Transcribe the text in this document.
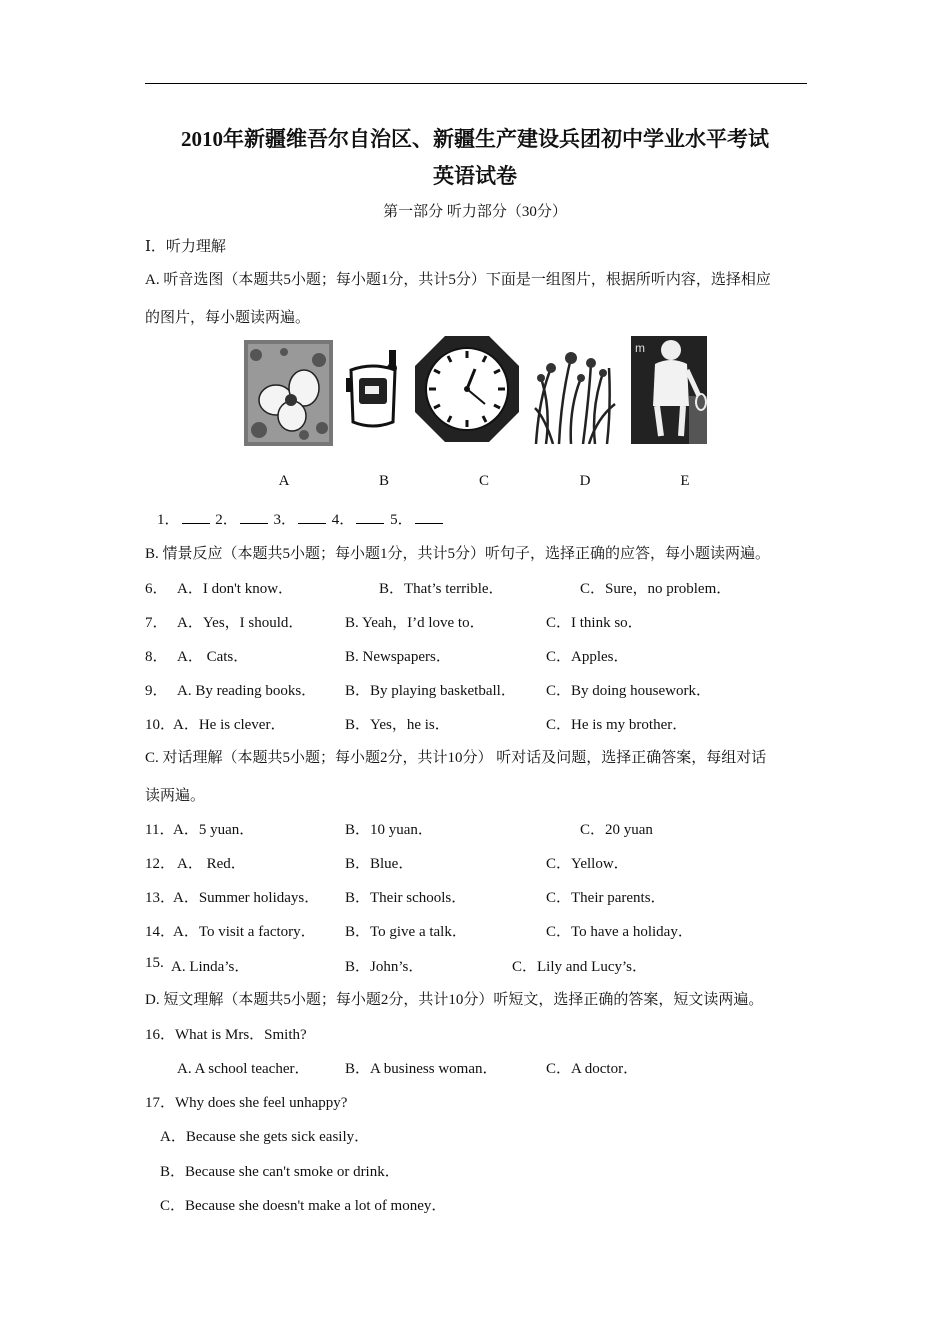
2010年新疆维吾尔自治区、新疆生产建设兵团初中学业水平考试
英语试卷
第一部分 听力部分（30分）
Ⅰ．听力理解
A. 听音选图（本题共5小题；每小题1分，共计5分）下面是一组图片，根据所听内容，选择相应
的图片，每小题读两遍。
m
A	B	C	D	E
1． 2． 3． 4． 5．
B. 情景反应（本题共5小题；每小题1分，共计5分）听句子，选择正确的应答，每小题读两遍。
6． A．I don't know．	B．That’s terrible．	C．Sure，no problem．
7． A．Yes，I should．	B. Yeah，I’d love to．	C．I think so．
8． A． Cats．	B. Newspapers．	C．Apples．
9． A. By reading books． B．By playing basketball． C．By doing housework．
10．
A．He is clever．	B．Yes，he is．	C．He is my brother．
C. 对话理解（本题共5小题；每小题2分，共计10分） 听对话及问题，选择正确答案，每组对话
读两遍。
11．
A．5 yuan．	B．10 yuan．	C．20 yuan
12． A． Red．	B．Blue．	C．Yellow．
13．
A．Summer holidays． B．Their schools．	C．Their parents．
14．
A．To visit a factory． B．To give a talk．	C．To have a holiday．
15. A. Linda’s．	B．John’s．	C．Lily and Lucy’s．
D. 短文理解（本题共5小题；每小题2分，共计10分）听短文，选择正确的答案，短文读两遍。
16．What is Mrs．Smith?
A. A school teacher． B．A business woman．	C．A doctor．
17．Why does she feel unhappy?
A．Because she gets sick easily．
B．Because she can't smoke or drink．
C．Because she doesn't make a lot of money．
